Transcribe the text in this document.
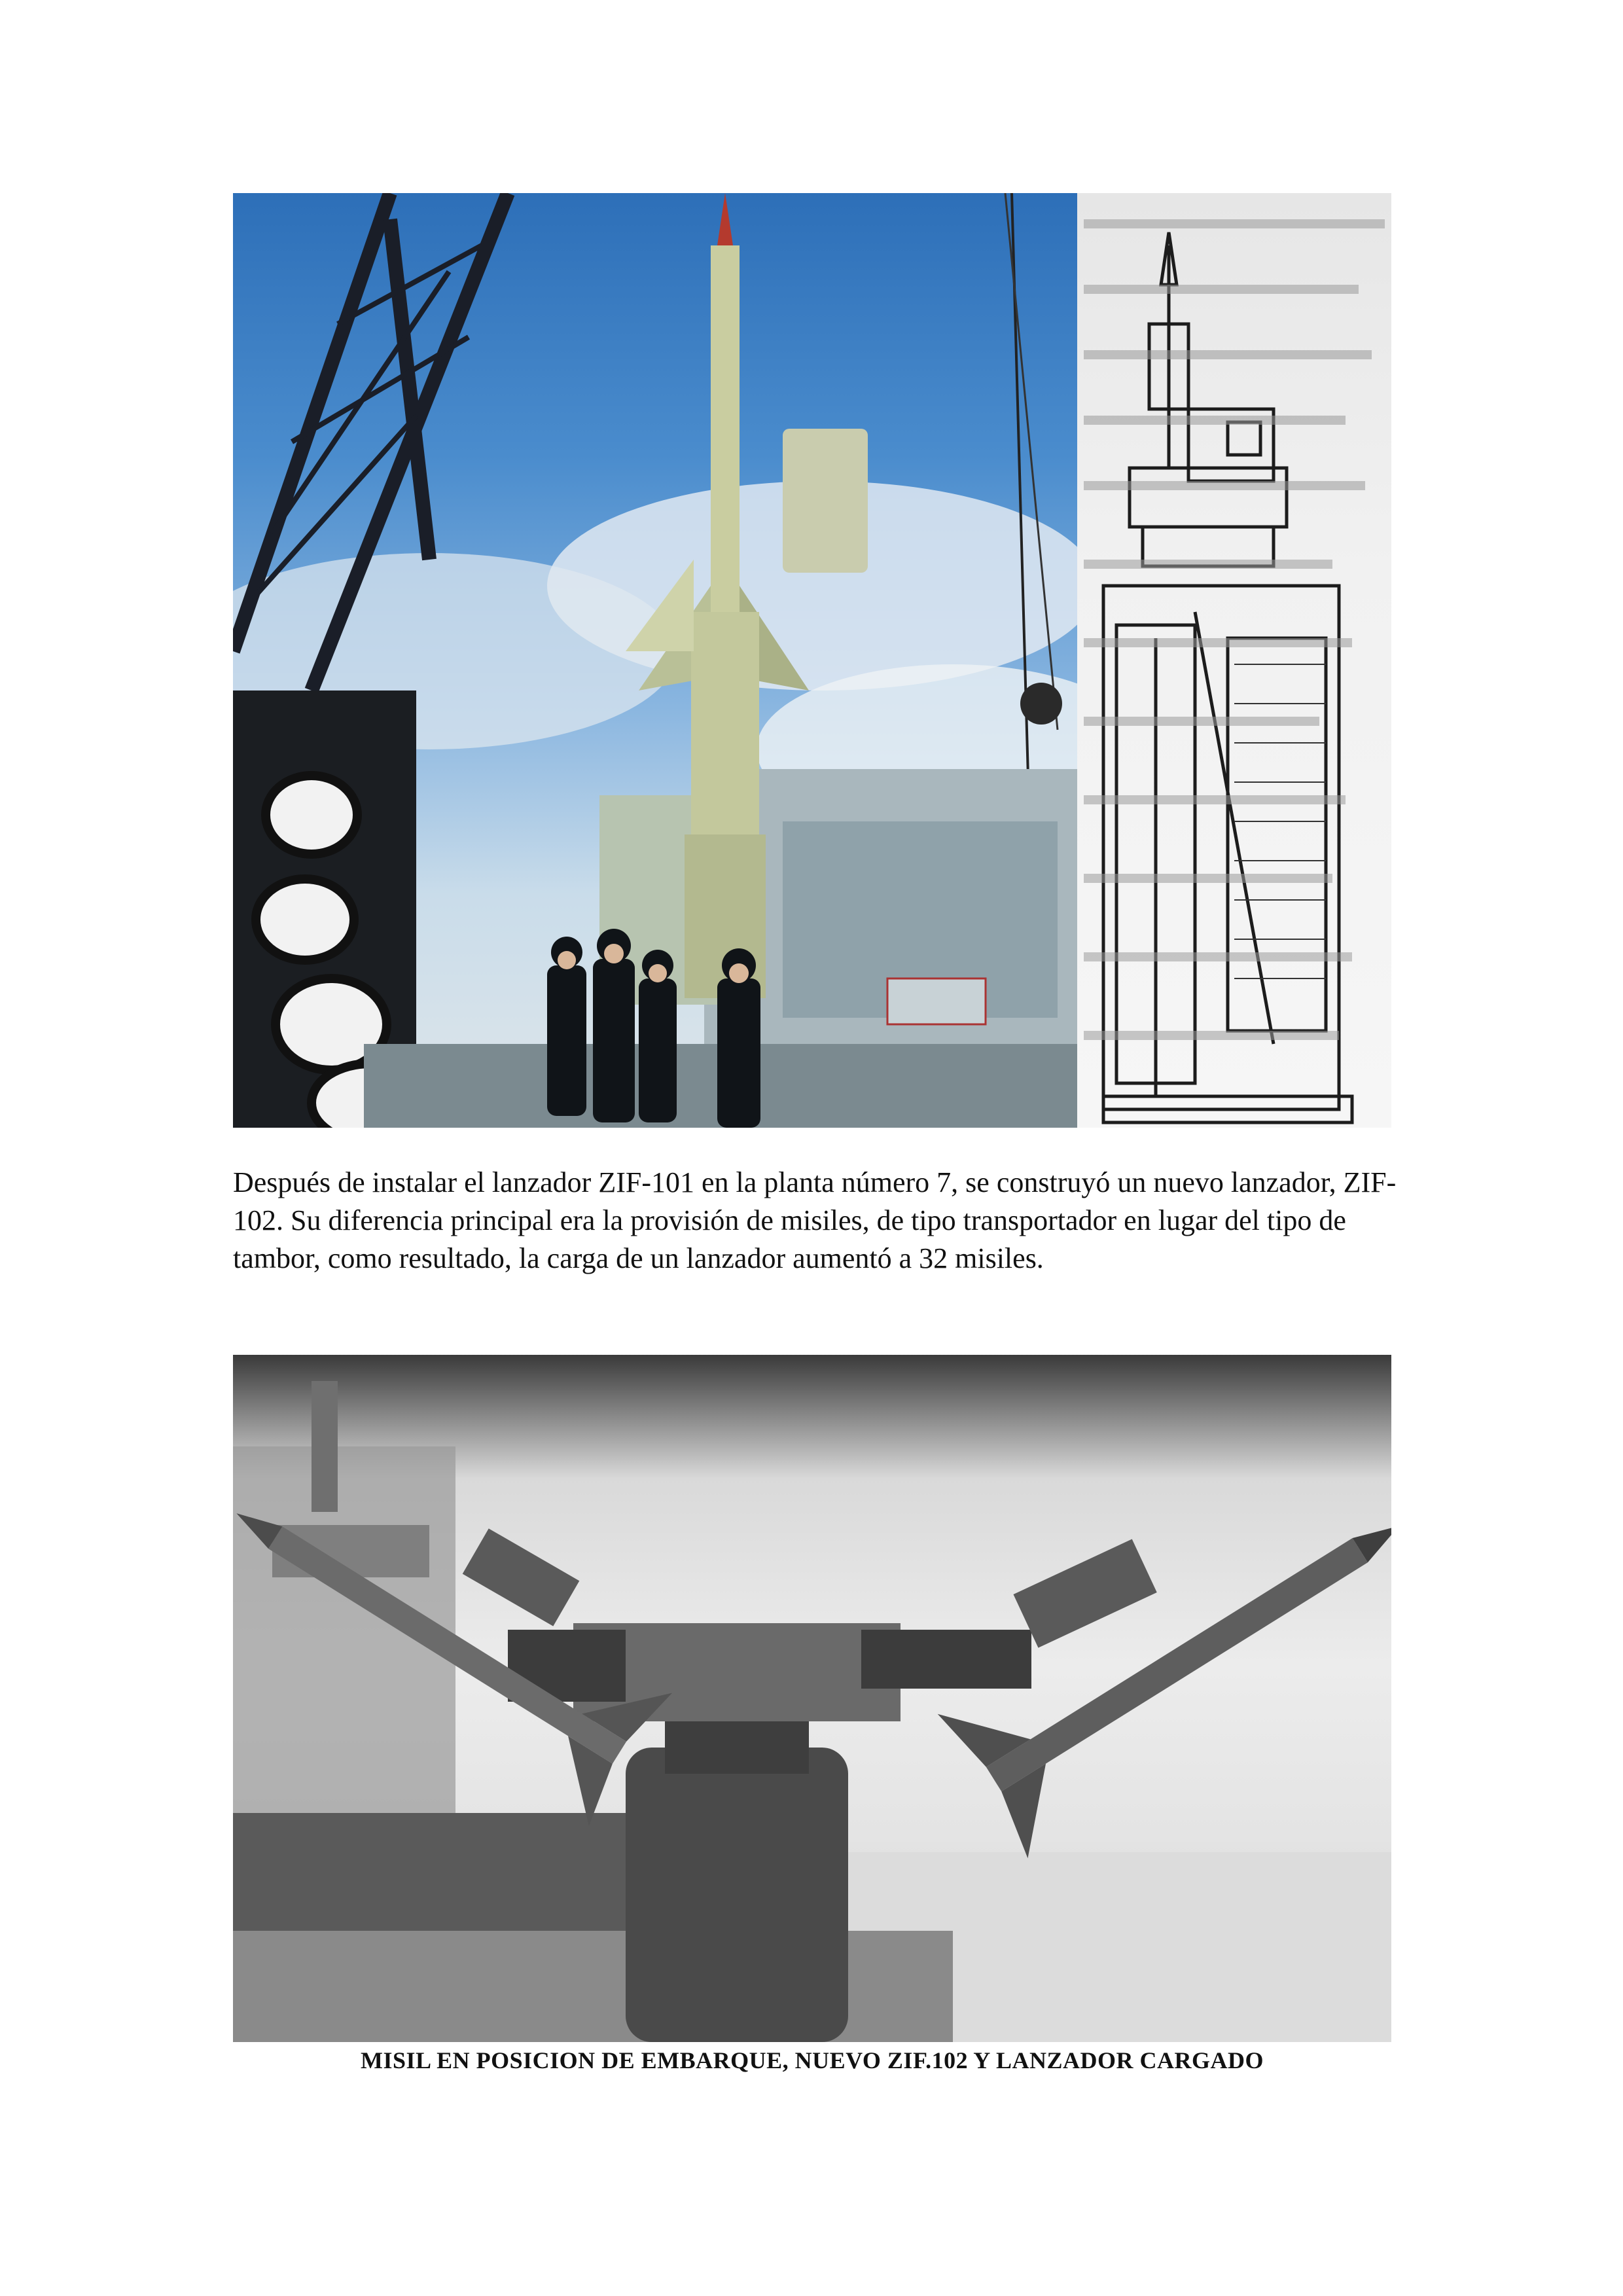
Después de instalar el lanzador ZIF-101 en la planta número 7, se construyó un nuevo lanzador, ZIF-102. Su diferencia principal era la provisión de misiles, de tipo transportador en lugar del tipo de tambor, como resultado, la carga de un lanzador aumentó a 32 misiles.

MISIL EN POSICION DE EMBARQUE, NUEVO ZIF.102 Y LANZADOR CARGADO
